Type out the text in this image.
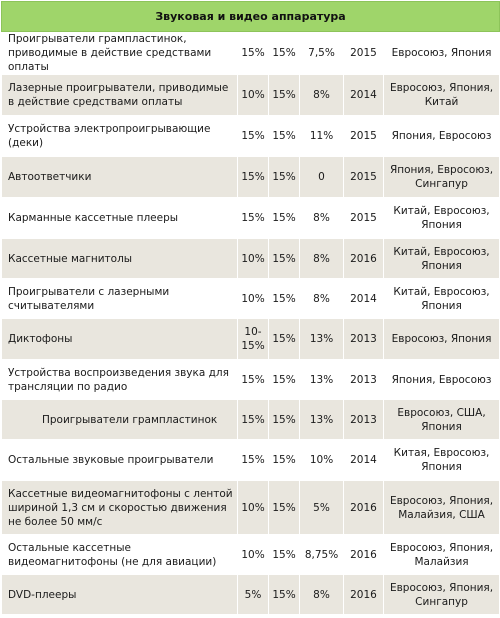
Звуковая и видео аппаратура					
Проигрыватели грампластинок, приводимые в действие средствами оплаты	15%	15%	7,5%	2015	Евросоюз, Япония
Лазерные проигрыватели, приводимые в действие средствами оплаты	10%	15%	8%	2014	Евросоюз, Япония, Китай
Устройства электропроигрывающие (деки)	15%	15%	11%	2015	Япония, Евросоюз
Автоответчики	15%	15%	0	2015	Япония, Евросоюз, Сингапур
Карманные кассетные плееры	15%	15%	8%	2015	Китай, Евросоюз, Япония
Кассетные магнитолы	10%	15%	8%	2016	Китай, Евросоюз, Япония
Проигрыватели с лазерными считывателями	10%	15%	8%	2014	Китай, Евросоюз, Япония
Диктофоны	10-15%	15%	13%	2013	Евросоюз, Япония
Устройства воспроизведения звука для трансляции по радио	15%	15%	13%	2013	Япония, Евросоюз
Проигрыватели грампластинок	15%	15%	13%	2013	Евросоюз, США, Япония
Остальные звуковые проигрыватели	15%	15%	10%	2014	Китая, Евросоюз, Япония
Кассетные видеомагнитофоны с лентой шириной 1,3 см и скоростью движения не более 50 мм/с	10%	15%	5%	2016	Евросоюз, Япония, Малайзия, США
Остальные кассетные видеомагнитофоны (не для авиации)	10%	15%	8,75%	2016	Евросоюз, Япония, Малайзия
DVD-плееры	5%	15%	8%	2016	Евросоюз, Япония, Сингапур
